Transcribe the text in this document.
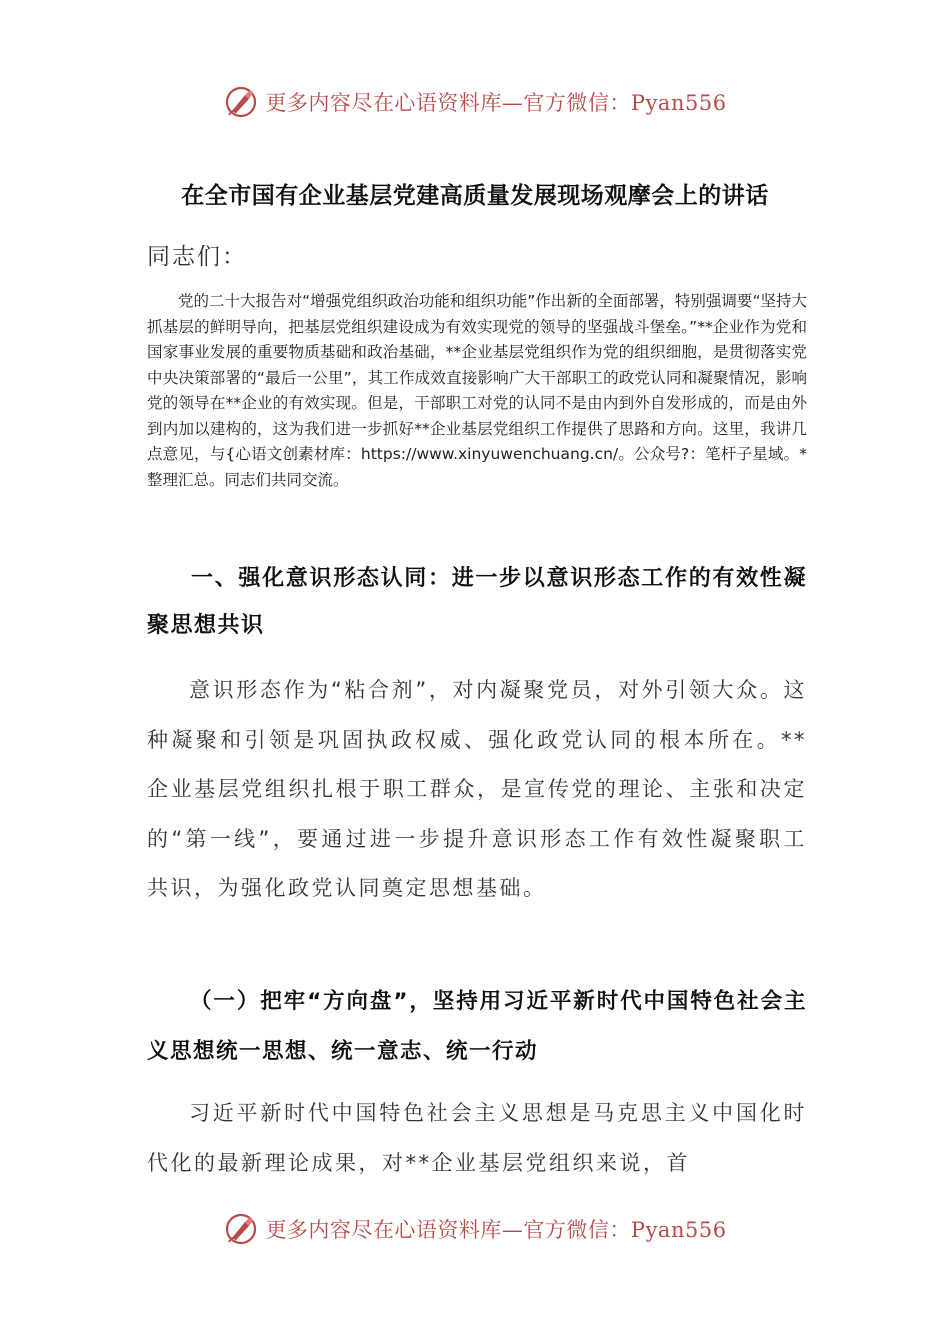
更多内容尽在心语资料库—官方微信：Pyan556
在全市国有企业基层党建高质量发展现场观摩会上的讲话
同志们：

党的二十大报告对“增强党组织政治功能和组织功能”作出新的全面部署，特别强调要“坚持大抓基层的鲜明导向，把基层党组织建设成为有效实现党的领导的坚强战斗堡垒。”**企业作为党和国家事业发展的重要物质基础和政治基础，**企业基层党组织作为党的组织细胞，是贯彻落实党中央决策部署的“最后一公里”，其工作成效直接影响广大干部职工的政党认同和凝聚情况，影响党的领导在**企业的有效实现。但是，干部职工对党的认同不是由内到外自发形成的，而是由外到内加以建构的，这为我们进一步抓好**企业基层党组织工作提供了思路和方向。这里，我讲几点意见，与{心语文创素材库：https://www.xinyuwenchuang.cn/。公众号?：笔杆子星域。*整理汇总。同志们共同交流。

一、强化意识形态认同：进一步以意识形态工作的有效性凝聚思想共识

意识形态作为“粘合剂”，对内凝聚党员，对外引领大众。这种凝聚和引领是巩固执政权威、强化政党认同的根本所在。**企业基层党组织扎根于职工群众，是宣传党的理论、主张和决定的“第一线”，要通过进一步提升意识形态工作有效性凝聚职工共识，为强化政党认同奠定思想基础。

（一）把牢“方向盘”，坚持用习近平新时代中国特色社会主义思想统一思想、统一意志、统一行动

习近平新时代中国特色社会主义思想是马克思主义中国化时代化的最新理论成果，对**企业基层党组织来说，首

更多内容尽在心语资料库—官方微信：Pyan556
